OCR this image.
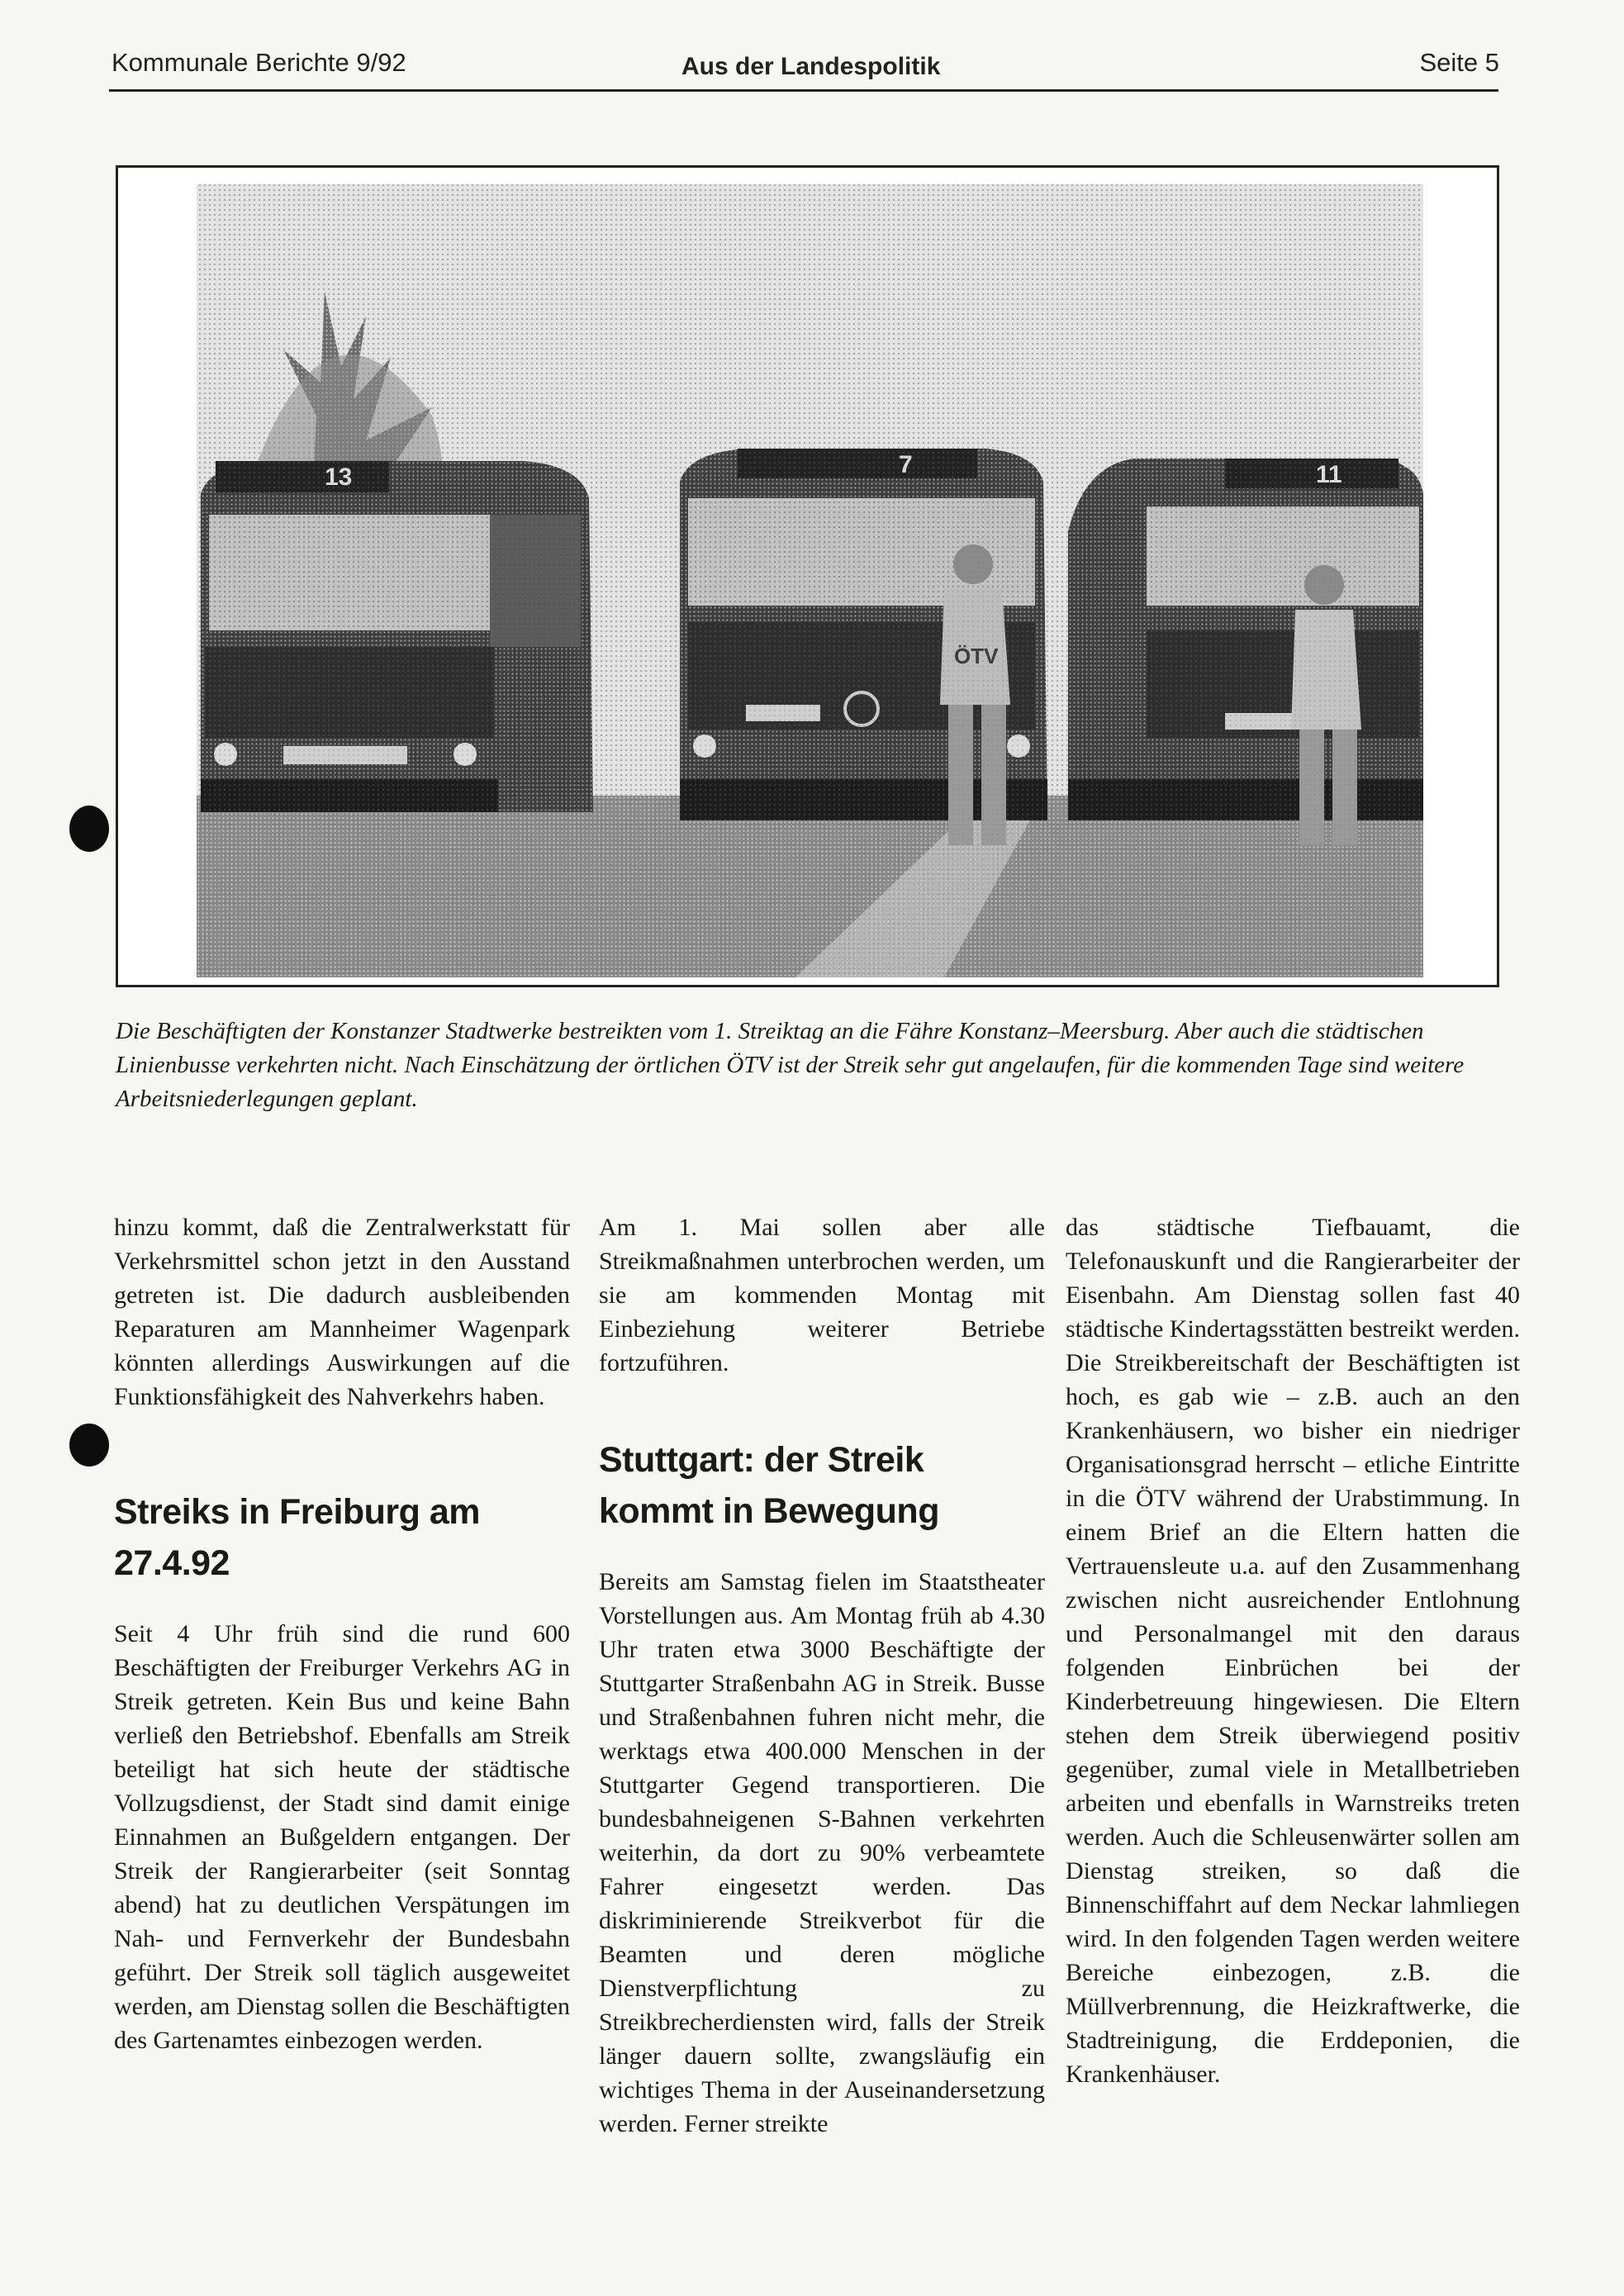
Kommunale Berichte 9/92	Aus der Landespolitik	Seite 5
13	7
ÖTV
11
Die Beschäftigten der Konstanzer Stadtwerke bestreikten vom 1. Streiktag an die Fähre Konstanz–Meersburg. Aber auch die städtischen Linienbusse verkehrten nicht. Nach Einschätzung der örtlichen ÖTV ist der Streik sehr gut angelaufen, für die kommenden Tage sind weitere Arbeitsniederlegungen geplant.

hinzu kommt, daß die Zentralwerkstatt für Verkehrsmittel schon jetzt in den Ausstand getreten ist. Die dadurch ausbleibenden Reparaturen am Mannheimer Wagenpark könnten allerdings Auswirkungen auf die Funktionsfähigkeit des Nahverkehrs haben.

Streiks in Freiburg am 27.4.92

Seit 4 Uhr früh sind die rund 600 Beschäftigten der Freiburger Verkehrs AG in Streik getreten. Kein Bus und keine Bahn verließ den Betriebshof. Ebenfalls am Streik beteiligt hat sich heute der städtische Vollzugsdienst, der Stadt sind damit einige Einnahmen an Bußgeldern entgangen. Der Streik der Rangierarbeiter (seit Sonntag abend) hat zu deutlichen Verspätungen im Nah- und Fernverkehr der Bundesbahn geführt. Der Streik soll täglich ausgeweitet werden, am Dienstag sollen die Beschäftigten des Gartenamtes einbezogen werden.

Am 1. Mai sollen aber alle Streikmaßnahmen unterbrochen werden, um sie am kommenden Montag mit Einbeziehung weiterer Betriebe fortzuführen.

Stuttgart: der Streik kommt in Bewegung

Bereits am Samstag fielen im Staatstheater Vorstellungen aus. Am Montag früh ab 4.30 Uhr traten etwa 3000 Beschäftigte der Stuttgarter Straßenbahn AG in Streik. Busse und Straßenbahnen fuhren nicht mehr, die werktags etwa 400.000 Menschen in der Stuttgarter Gegend transportieren. Die bundesbahneigenen S-Bahnen verkehrten weiterhin, da dort zu 90% verbeamtete Fahrer eingesetzt werden. Das diskriminierende Streikverbot für die Beamten und deren mögliche Dienstverpflichtung zu Streikbrecherdiensten wird, falls der Streik länger dauern sollte, zwangsläufig ein wichtiges Thema in der Auseinandersetzung werden. Ferner streikte

das städtische Tiefbauamt, die Telefonauskunft und die Rangierarbeiter der Eisenbahn. Am Dienstag sollen fast 40 städtische Kindertagsstätten bestreikt werden. Die Streikbereitschaft der Beschäftigten ist hoch, es gab wie – z.B. auch an den Krankenhäusern, wo bisher ein niedriger Organisationsgrad herrscht – etliche Eintritte in die ÖTV während der Urabstimmung. In einem Brief an die Eltern hatten die Vertrauensleute u.a. auf den Zusammenhang zwischen nicht ausreichender Entlohnung und Personalmangel mit den daraus folgenden Einbrüchen bei der Kinderbetreuung hingewiesen. Die Eltern stehen dem Streik überwiegend positiv gegenüber, zumal viele in Metallbetrieben arbeiten und ebenfalls in Warnstreiks treten werden. Auch die Schleusenwärter sollen am Dienstag streiken, so daß die Binnenschiffahrt auf dem Neckar lahmliegen wird. In den folgenden Tagen werden weitere Bereiche einbezogen, z.B. die Müllverbrennung, die Heizkraftwerke, die Stadtreinigung, die Erddeponien, die Krankenhäuser.
